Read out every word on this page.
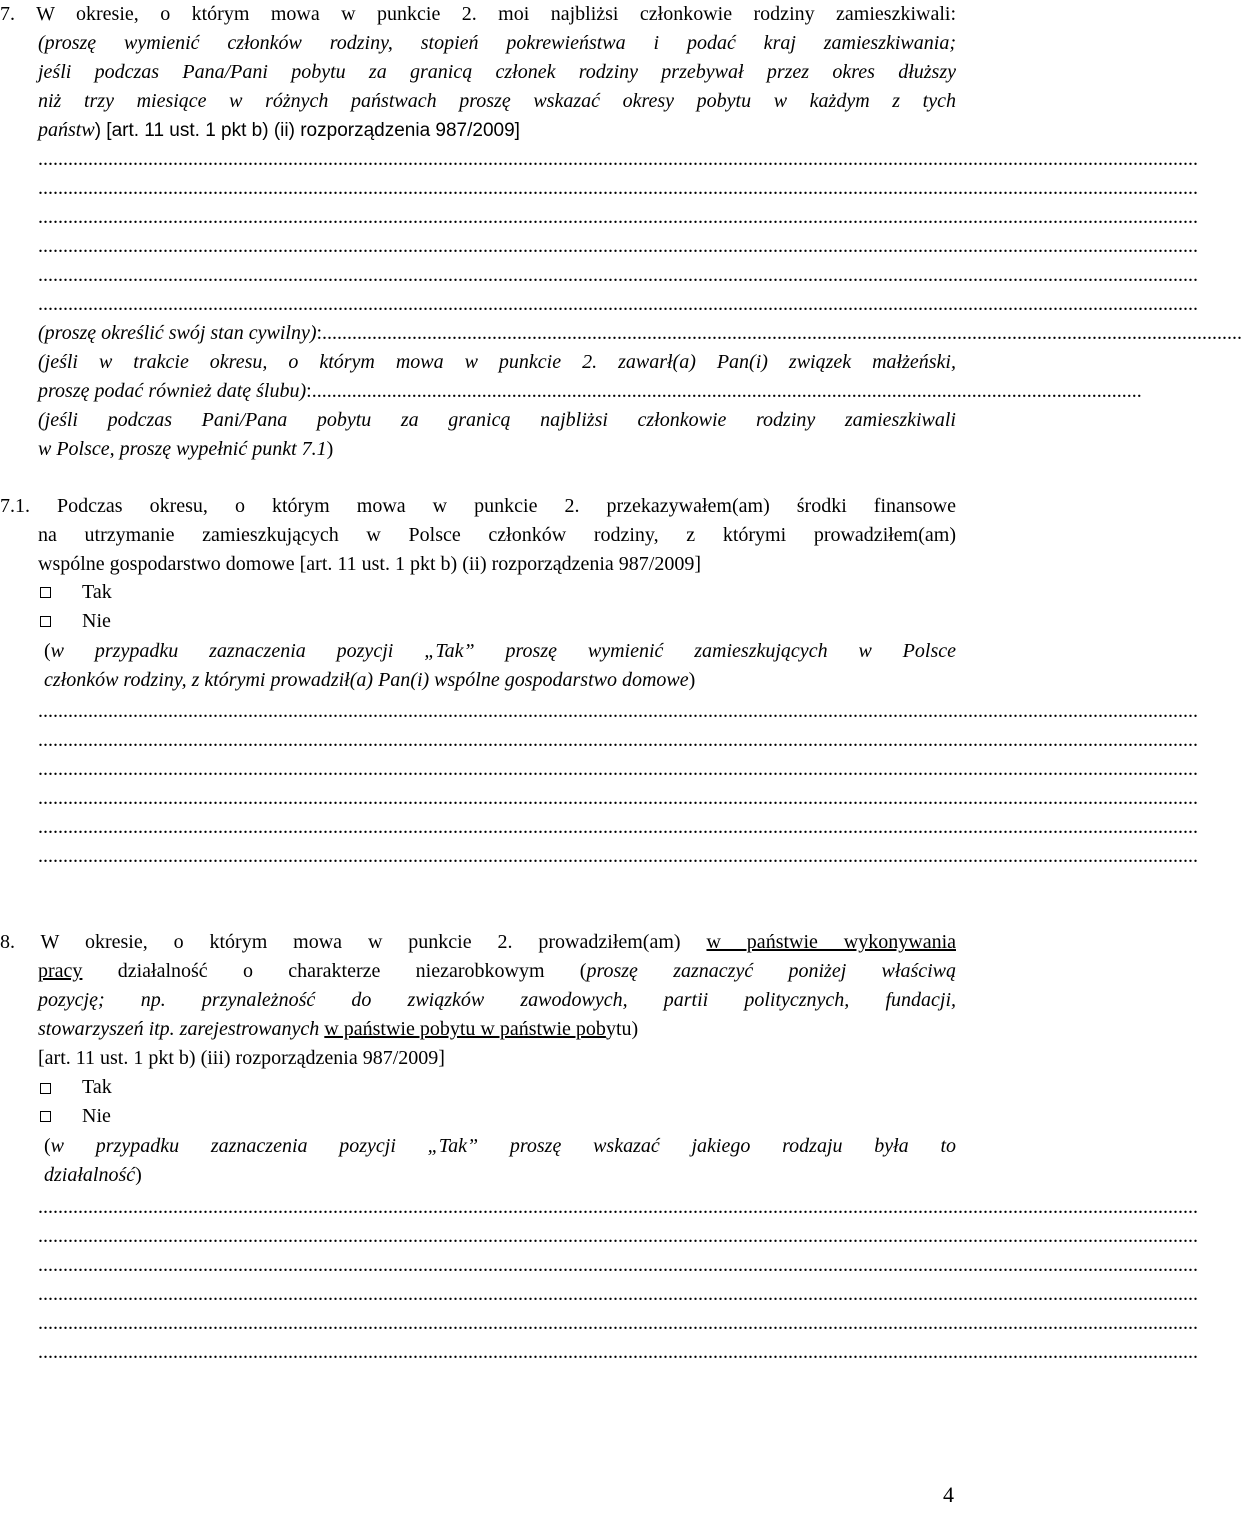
7. W okresie, o którym mowa w punkcie 2. moi najbliżsi członkowie rodziny zamieszkiwali:
(proszę wymienić członków rodziny, stopień pokrewieństwa i podać kraj zamieszkiwania;
jeśli podczas Pana/Pani pobytu za granicą członek rodziny przebywał przez okres dłuższy
niż trzy miesiące w różnych państwach proszę wskazać okresy pobytu w każdym z tych
państw) [art. 11 ust. 1 pkt b) (ii) rozporządzenia 987/2009]
........................................................................................................................................................................................................................................
........................................................................................................................................................................................................................................
........................................................................................................................................................................................................................................
........................................................................................................................................................................................................................................
........................................................................................................................................................................................................................................
........................................................................................................................................................................................................................................
(proszę określić swój stan cywilny):........................................................................................................................................................................................
(jeśli w trakcie okresu, o którym mowa w punkcie 2. zawarł(a) Pan(i) związek małżeński,
proszę podać również datę ślubu):......................................................................................................................................................................
(jeśli podczas Pani/Pana pobytu za granicą najbliżsi członkowie rodziny zamieszkiwali
w Polsce, proszę wypełnić punkt 7.1)
7.1. Podczas okresu, o którym mowa w punkcie 2. przekazywałem(am) środki finansowe
na utrzymanie zamieszkujących w Polsce członków rodziny, z którymi prowadziłem(am)
wspólne gospodarstwo domowe [art. 11 ust. 1 pkt b) (ii) rozporządzenia 987/2009]
Tak
Nie
(w przypadku zaznaczenia pozycji „Tak” proszę wymienić zamieszkujących w Polsce
członków rodziny, z którymi prowadził(a) Pan(i) wspólne gospodarstwo domowe)
........................................................................................................................................................................................................................................
........................................................................................................................................................................................................................................
........................................................................................................................................................................................................................................
........................................................................................................................................................................................................................................
........................................................................................................................................................................................................................................
........................................................................................................................................................................................................................................
8. W okresie, o którym mowa w punkcie 2. prowadziłem(am) w państwie wykonywania
pracy działalność o charakterze niezarobkowym (proszę zaznaczyć poniżej właściwą
pozycję; np. przynależność do związków zawodowych, partii politycznych, fundacji,
stowarzyszeń itp. zarejestrowanych w państwie pobytu w państwie pobytu)
[art. 11 ust. 1 pkt b) (iii) rozporządzenia 987/2009]
Tak
Nie
(w przypadku zaznaczenia pozycji „Tak” proszę wskazać jakiego rodzaju była to
działalność)
........................................................................................................................................................................................................................................
........................................................................................................................................................................................................................................
........................................................................................................................................................................................................................................
........................................................................................................................................................................................................................................
........................................................................................................................................................................................................................................
........................................................................................................................................................................................................................................
4
